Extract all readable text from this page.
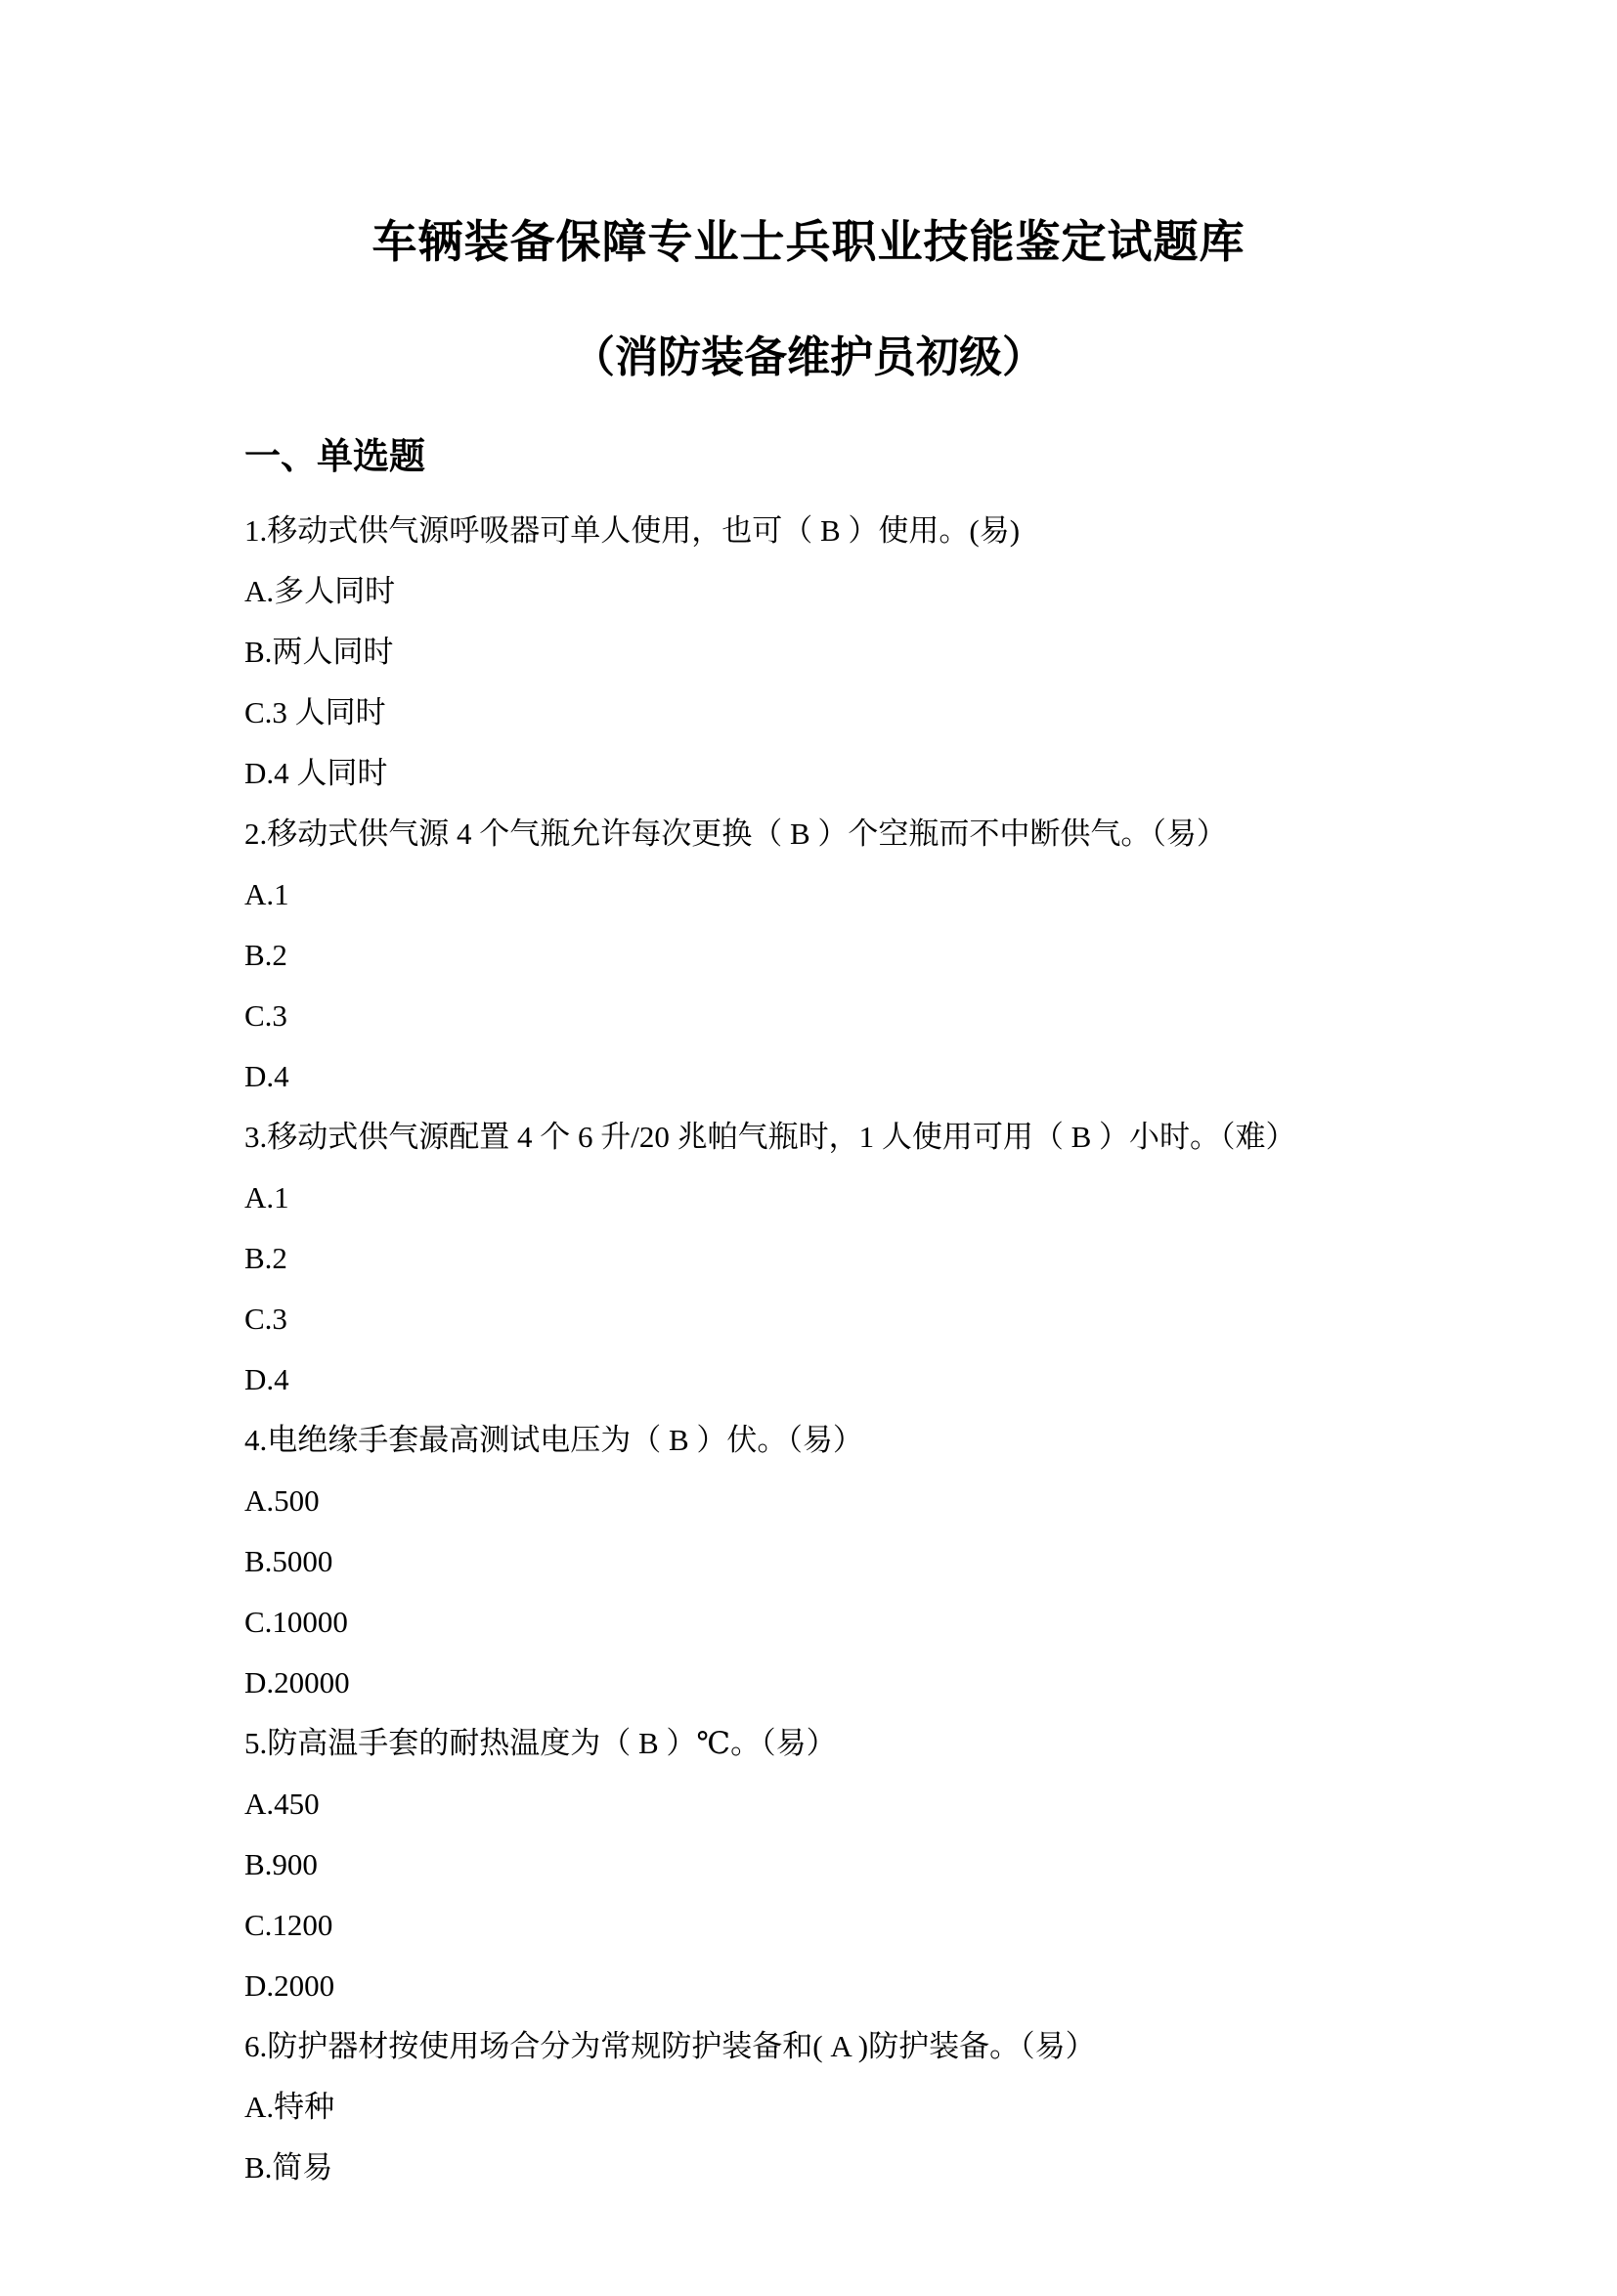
车辆装备保障专业士兵职业技能鉴定试题库
（消防装备维护员初级）
一、单选题

1.移动式供气源呼吸器可单人使用，也可（ B ）使用。(易)

A.多人同时

B.两人同时

C.3 人同时

D.4 人同时

2.移动式供气源 4 个气瓶允许每次更换（ B ）个空瓶而不中断供气。（易）

A.1

B.2

C.3

D.4

3.移动式供气源配置 4 个 6 升/20 兆帕气瓶时，1 人使用可用（ B ）小时。（难）

A.1

B.2

C.3

D.4

4.电绝缘手套最高测试电压为（ B ）伏。（易）

A.500

B.5000

C.10000

D.20000

5.防高温手套的耐热温度为（ B ）℃。（易）

A.450

B.900

C.1200

D.2000

6.防护器材按使用场合分为常规防护装备和( A )防护装备。（易）

A.特种

B.简易
